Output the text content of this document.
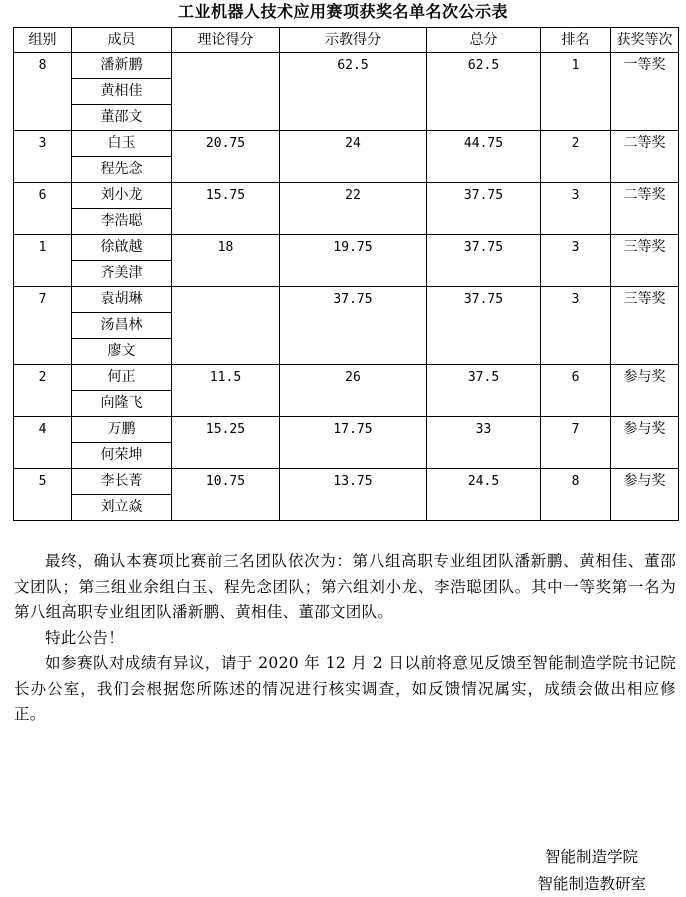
工业机器人技术应用赛项获奖名单名次公示表
组别	成员	理论得分	示教得分	总分	排名	获奖等次
8	潘新鹏		62.5	62.5	1	一等奖
	黄相佳					
	董邵文					
3	白玉	20.75	24	44.75	2	二等奖
	程先念					
6	刘小龙	15.75	22	37.75	3	二等奖
	李浩聪					
1	徐啟越	18	19.75	37.75	3	三等奖
	齐美津					
7	袁胡琳		37.75	37.75	3	三等奖
	汤昌林					
	廖文					
2	何正	11.5	26	37.5	6	参与奖
	向隆飞					
4	万鹏	15.25	17.75	33	7	参与奖
	何荣坤					
5	李长菁	10.75	13.75	24.5	8	参与奖
	刘立焱					

最终，确认本赛项比赛前三名团队依次为：第八组高职专业组团队潘新鹏、黄相佳、董邵文团队；第三组业余组白玉、程先念团队；第六组刘小龙、李浩聪团队。其中一等奖第一名为第八组高职专业组团队潘新鹏、黄相佳、董邵文团队。

特此公告！

如参赛队对成绩有异议，请于 2020 年 12 月 2 日以前将意见反馈至智能制造学院书记院长办公室，我们会根据您所陈述的情况进行核实调查，如反馈情况属实，成绩会做出相应修正。

智能制造学院
智能制造教研室
